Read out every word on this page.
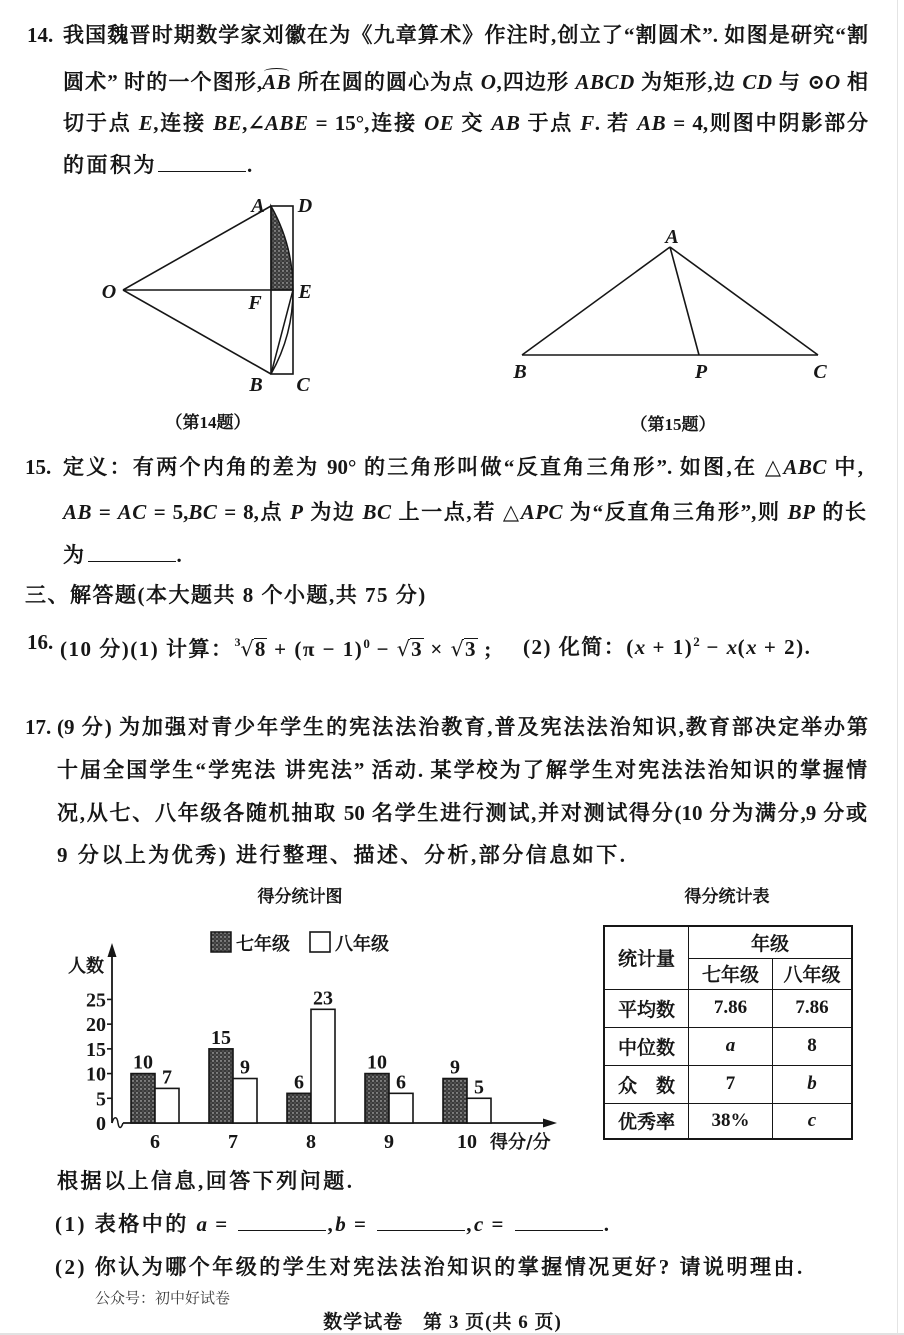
14. 我国魏晋时期数学家刘徽在为《九章算术》作注时,创立了“割圆术”. 如图是研究“割
圆术” 时的一个图形,AB 所在圆的圆心为点 O,四边形 ABCD 为矩形,边 CD 与 ⊙O 相
切于点 E,连接 BE,∠ABE = 15°,连接 OE 交 AB 于点 F. 若 AB = 4,则图中阴影部分
的面积为	.
A D
O	F E
B C
（第14题）
A
B	P	C
（第15题）
15. 定义：有两个内角的差为 90° 的三角形叫做“反直角三角形”. 如图,在 △ABC 中,
AB = AC = 5,BC = 8,点 P 为边 BC 上一点,若 △APC 为“反直角三角形”,则 BP 的长
为	.
三、解答题(本大题共 8 个小题,共 75 分)
16. (10 分)(1) 计算：$^3√8 + (\pi - 1)^0 - √3 \times √3$ ; (2) 化简：$(x + 1)^2 - x(x + 2)$.
17. (9 分) 为加强对青少年学生的宪法法治教育,普及宪法法治知识,教育部决定举办第
十届全国学生“学宪法 讲宪法” 活动. 某学校为了解学生对宪法法治知识的掌握情
况,从七、八年级各随机抽取 50 名学生进行测试,并对测试得分(10 分为满分,9 分或
9 分以上为优秀) 进行整理、描述、分析,部分信息如下.
得分统计图
七年级	八年级
人数
得分/分
0
5
10
15
20
25
10
7
6
15
9
7
6
23
8
10
6
9
9
5
10
得分统计表
统计量	年级	
	七年级	八年级
平均数	7.86	7.86
中位数	a	8
众　数	7	b
优秀率	38%	c
根据以上信息,回答下列问题.
(1) 表格中的 a =	,b =	,c =	.
(2) 你认为哪个年级的学生对宪法法治知识的掌握情况更好? 请说明理由.
公众号：初中好试卷
数学试卷　第 3 页(共 6 页)
